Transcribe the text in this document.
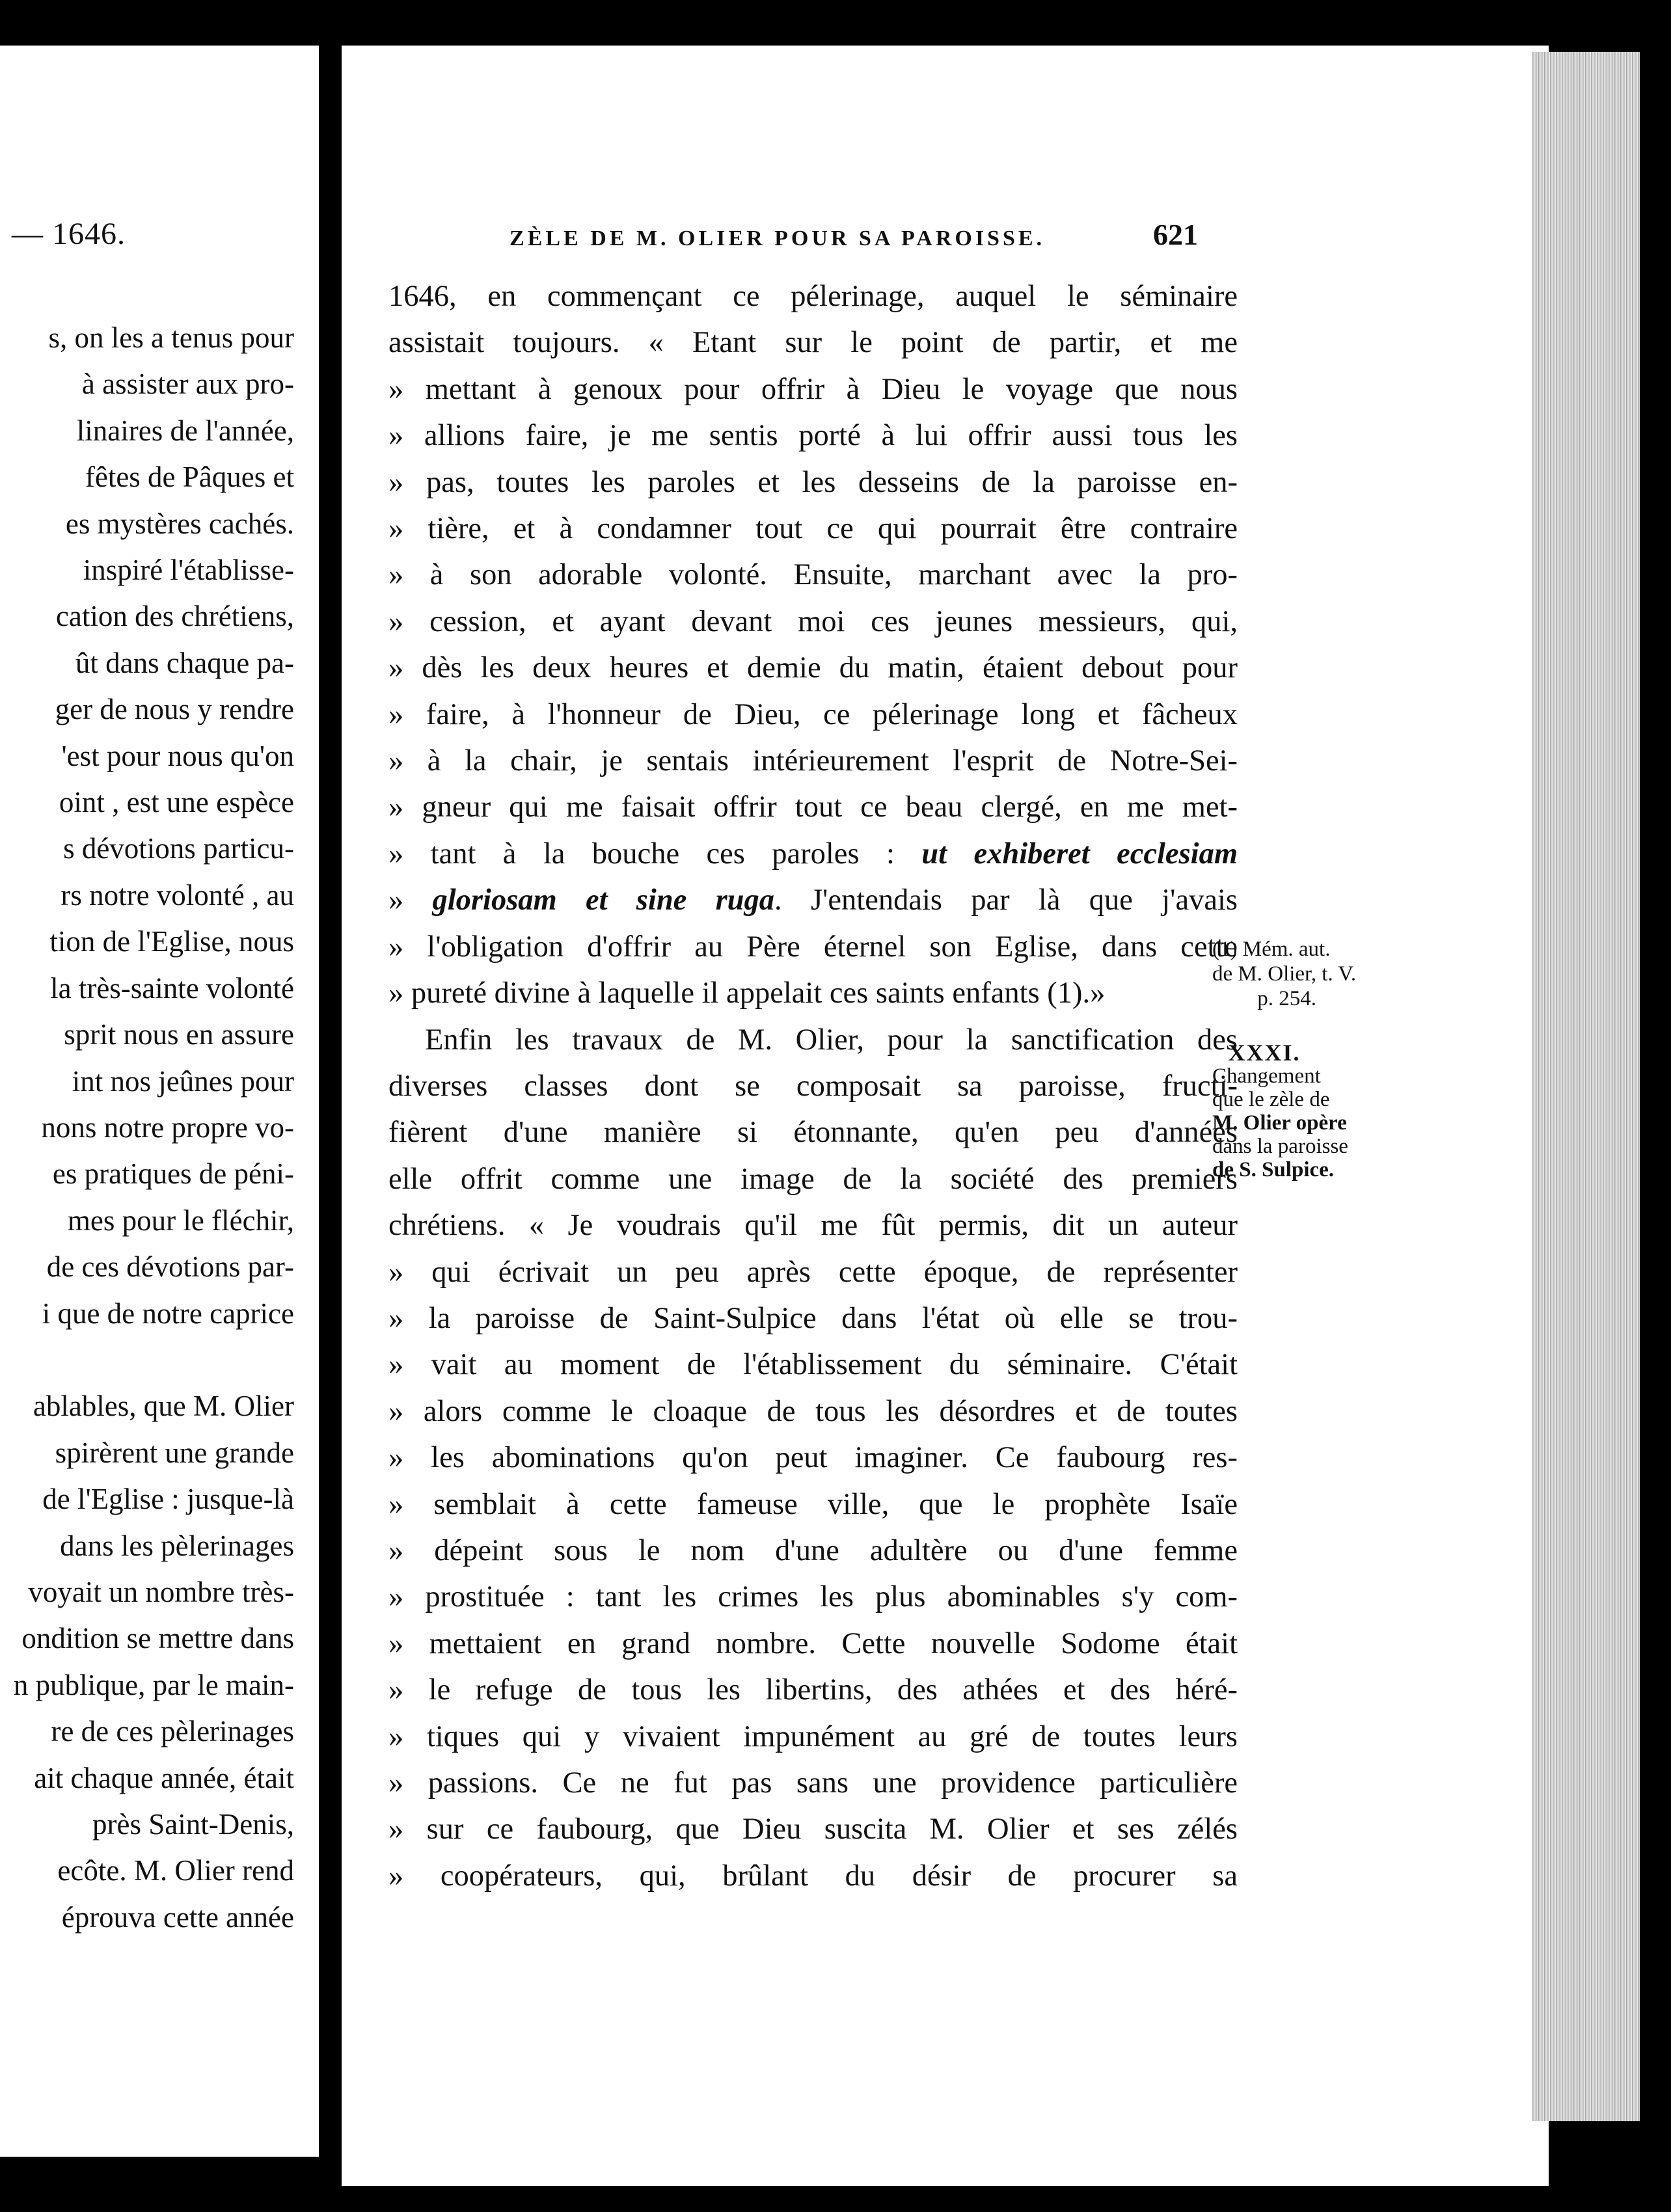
— 1646.
s, on les a tenus pour
à assister aux pro-
linaires de l'année,
fêtes de Pâques et
es mystères cachés.
inspiré l'établisse-
cation des chrétiens,
ût dans chaque pa-
ger de nous y rendre
'est pour nous qu'on
oint , est une espèce
s dévotions particu-
rs notre volonté , au
tion de l'Eglise, nous
la très-sainte volonté
sprit nous en assure
int nos jeûnes pour
nons notre propre vo-
es pratiques de péni-
mes pour le fléchir,
de ces dévotions par-
i que de notre caprice

ablables, que M. Olier
spirèrent une grande
de l'Eglise : jusque-là
dans les pèlerinages
voyait un nombre très-
ondition se mettre dans
n publique, par le main-
re de ces pèlerinages
ait chaque année, était
près Saint-Denis,
ecôte. M. Olier rend
éprouva cette année
ZÈLE DE M. OLIER POUR SA PAROISSE.	621
1646, en commençant ce pélerinage, auquel le séminaire
assistait toujours. « Etant sur le point de partir, et me
» mettant à genoux pour offrir à Dieu le voyage que nous
» allions faire, je me sentis porté à lui offrir aussi tous les
» pas, toutes les paroles et les desseins de la paroisse en-
» tière, et à condamner tout ce qui pourrait être contraire
» à son adorable volonté. Ensuite, marchant avec la pro-
» cession, et ayant devant moi ces jeunes messieurs, qui,
» dès les deux heures et demie du matin, étaient debout pour
» faire, à l'honneur de Dieu, ce pélerinage long et fâcheux
» à la chair, je sentais intérieurement l'esprit de Notre-Sei-
» gneur qui me faisait offrir tout ce beau clergé, en me met-
» tant à la bouche ces paroles : ut exhiberet ecclesiam
» gloriosam et sine ruga. J'entendais par là que j'avais
» l'obligation d'offrir au Père éternel son Eglise, dans cette
» pureté divine à laquelle il appelait ces saints enfants (1).»
Enfin les travaux de M. Olier, pour la sanctification des
diverses classes dont se composait sa paroisse, fructi-
fièrent d'une manière si étonnante, qu'en peu d'années
elle offrit comme une image de la société des premiers
chrétiens. « Je voudrais qu'il me fût permis, dit un auteur
» qui écrivait un peu après cette époque, de représenter
» la paroisse de Saint-Sulpice dans l'état où elle se trou-
» vait au moment de l'établissement du séminaire. C'était
» alors comme le cloaque de tous les désordres et de toutes
» les abominations qu'on peut imaginer. Ce faubourg res-
» semblait à cette fameuse ville, que le prophète Isaïe
» dépeint sous le nom d'une adultère ou d'une femme
» prostituée : tant les crimes les plus abominables s'y com-
» mettaient en grand nombre. Cette nouvelle Sodome était
» le refuge de tous les libertins, des athées et des héré-
» tiques qui y vivaient impunément au gré de toutes leurs
» passions. Ce ne fut pas sans une providence particulière
» sur ce faubourg, que Dieu suscita M. Olier et ses zélés
» coopérateurs, qui, brûlant du désir de procurer sa
(1) Mém. aut.
de M. Olier, t. V.
p. 254.
XXXI.
Changement
que le zèle de
M. Olier opère
dans la paroisse
de S. Sulpice.
